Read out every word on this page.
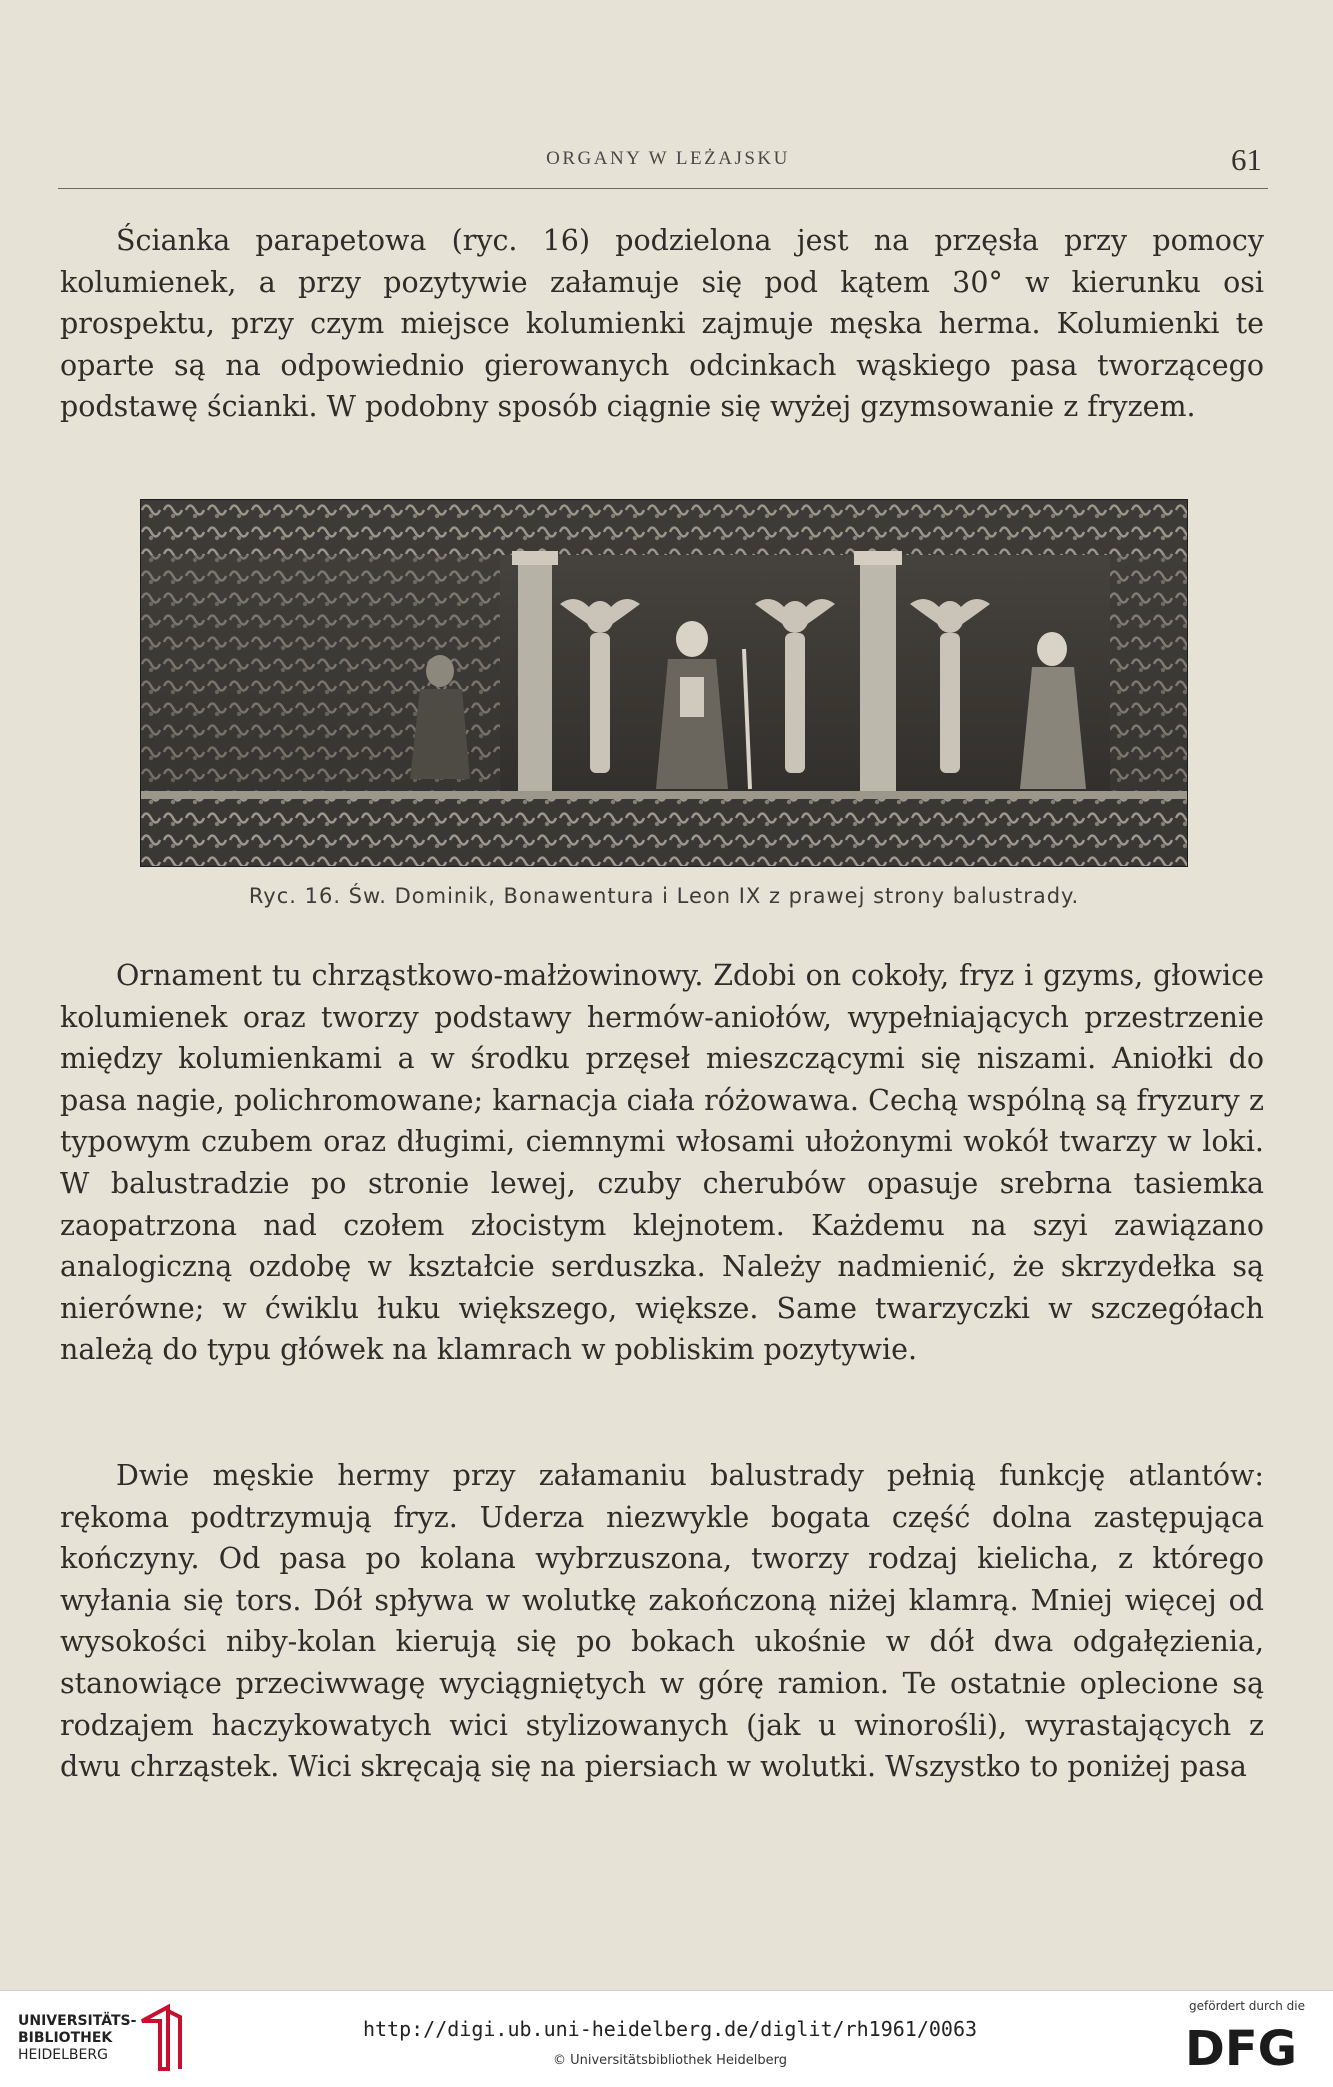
ORGANY W LEŻAJSKU	61

Ścianka parapetowa (ryc. 16) podzielona jest na przęsła przy pomocy kolumienek, a przy pozytywie załamuje się pod kątem 30° w kierunku osi prospektu, przy czym miejsce kolumienki zajmuje męska herma. Kolumienki te oparte są na odpowiednio gierowanych odcinkach wąskiego pasa tworzącego podstawę ścianki. W podobny sposób ciągnie się wyżej gzymsowanie z fryzem.

Ryc. 16. Św. Dominik, Bonawentura i Leon IX z prawej strony balustrady.

Ornament tu chrząstkowo-małżowinowy. Zdobi on cokoły, fryz i gzyms, głowice kolumienek oraz tworzy podstawy hermów-aniołów, wypełniających przestrzenie między kolumienkami a w środku przęseł mieszczącymi się niszami. Aniołki do pasa nagie, polichromowane; karnacja ciała różowawa. Cechą wspólną są fryzury z typowym czubem oraz długimi, ciemnymi włosami ułożonymi wokół twarzy w loki. W balustradzie po stronie lewej, czuby cherubów opasuje srebrna tasiemka zaopatrzona nad czołem złocistym klejnotem. Każdemu na szyi zawiązano analogiczną ozdobę w kształcie serduszka. Należy nadmienić, że skrzydełka są nierówne; w ćwiklu łuku większego, większe. Same twarzyczki w szczegółach należą do typu główek na klamrach w pobliskim pozytywie.

Dwie męskie hermy przy załamaniu balustrady pełnią funkcję atlantów: rękoma podtrzymują fryz. Uderza niezwykle bogata część dolna zastępująca kończyny. Od pasa po kolana wybrzuszona, tworzy rodzaj kielicha, z którego wyłania się tors. Dół spływa w wolutkę zakończoną niżej klamrą. Mniej więcej od wysokości niby-kolan kierują się po bokach ukośnie w dół dwa odgałęzienia, stanowiące przeciwwagę wyciągniętych w górę ramion. Te ostatnie oplecione są rodzajem haczykowatych wici stylizowanych (jak u winorośli), wyrastających z dwu chrząstek. Wici skręcają się na piersiach w wolutki. Wszystko to poniżej pasa

UNIVERSITÄTS-
BIBLIOTHEK
HEIDELBERG
http://digi.ub.uni-heidelberg.de/diglit/rh1961/0063
© Universitätsbibliothek Heidelberg
gefördert durch die
DFG
